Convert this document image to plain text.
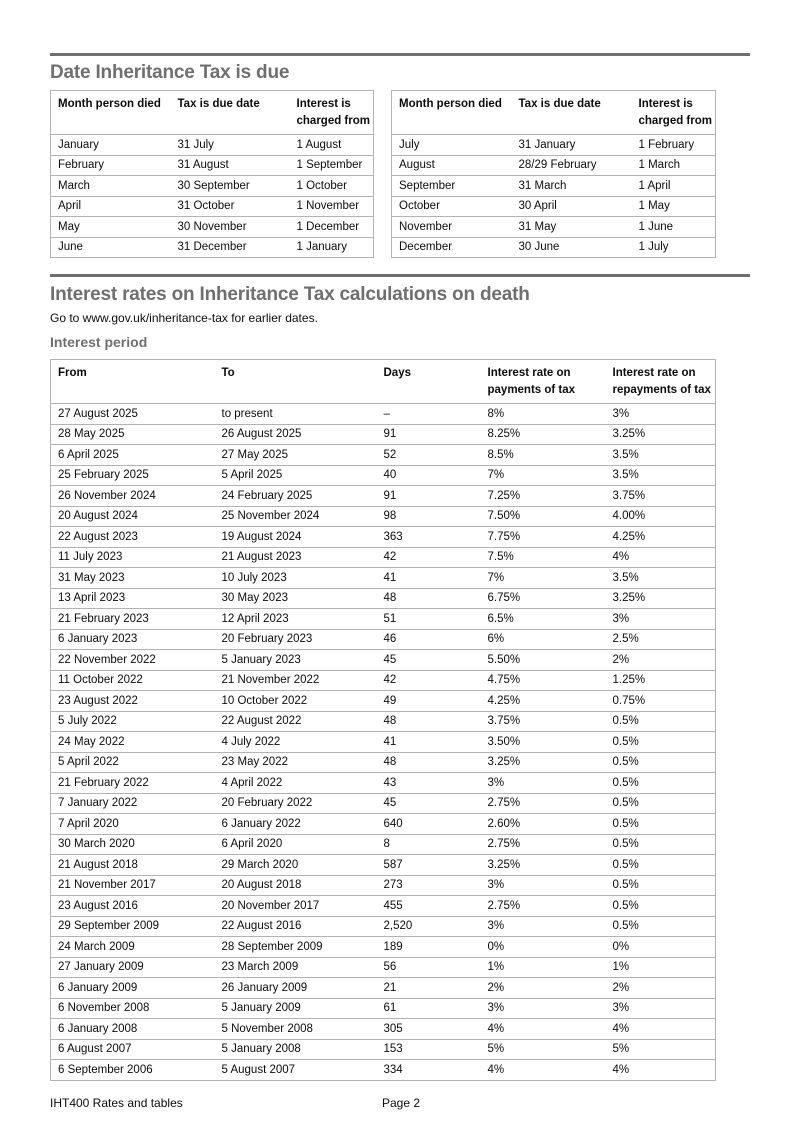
Date Inheritance Tax is due
Month person died	Tax is due date	Interest is charged from
January	31 July	1 August
February	31 August	1 September
March	30 September	1 October
April	31 October	1 November
May	30 November	1 December
June	31 December	1 January
Month person died	Tax is due date	Interest is charged from
July	31 January	1 February
August	28/29 February	1 March
September	31 March	1 April
October	30 April	1 May
November	31 May	1 June
December	30 June	1 July
Interest rates on Inheritance Tax calculations on death
Go to www.gov.uk/inheritance-tax for earlier dates.
Interest period
From	To	Days	Interest rate on payments of tax	Interest rate on repayments of tax
27 August 2025	to present	–	8%	3%
28 May 2025	26 August 2025	91	8.25%	3.25%
6 April 2025	27 May 2025	52	8.5%	3.5%
25 February 2025	5 April 2025	40	7%	3.5%
26 November 2024	24 February 2025	91	7.25%	3.75%
20 August 2024	25 November 2024	98	7.50%	4.00%
22 August 2023	19 August 2024	363	7.75%	4.25%
11 July 2023	21 August 2023	42	7.5%	4%
31 May 2023	10 July 2023	41	7%	3.5%
13 April 2023	30 May 2023	48	6.75%	3.25%
21 February 2023	12 April 2023	51	6.5%	3%
6 January 2023	20 February 2023	46	6%	2.5%
22 November 2022	5 January 2023	45	5.50%	2%
11 October 2022	21 November 2022	42	4.75%	1.25%
23 August 2022	10 October 2022	49	4.25%	0.75%
5 July 2022	22 August 2022	48	3.75%	0.5%
24 May 2022	4 July 2022	41	3.50%	0.5%
5 April 2022	23 May 2022	48	3.25%	0.5%
21 February 2022	4 April 2022	43	3%	0.5%
7 January 2022	20 February 2022	45	2.75%	0.5%
7 April 2020	6 January 2022	640	2.60%	0.5%
30 March 2020	6 April 2020	8	2.75%	0.5%
21 August 2018	29 March 2020	587	3.25%	0.5%
21 November 2017	20 August 2018	273	3%	0.5%
23 August 2016	20 November 2017	455	2.75%	0.5%
29 September 2009	22 August 2016	2,520	3%	0.5%
24 March 2009	28 September 2009	189	0%	0%
27 January 2009	23 March 2009	56	1%	1%
6 January 2009	26 January 2009	21	2%	2%
6 November 2008	5 January 2009	61	3%	3%
6 January 2008	5 November 2008	305	4%	4%
6 August 2007	5 January 2008	153	5%	5%
6 September 2006	5 August 2007	334	4%	4%
IHT400 Rates and tables	Page 2
